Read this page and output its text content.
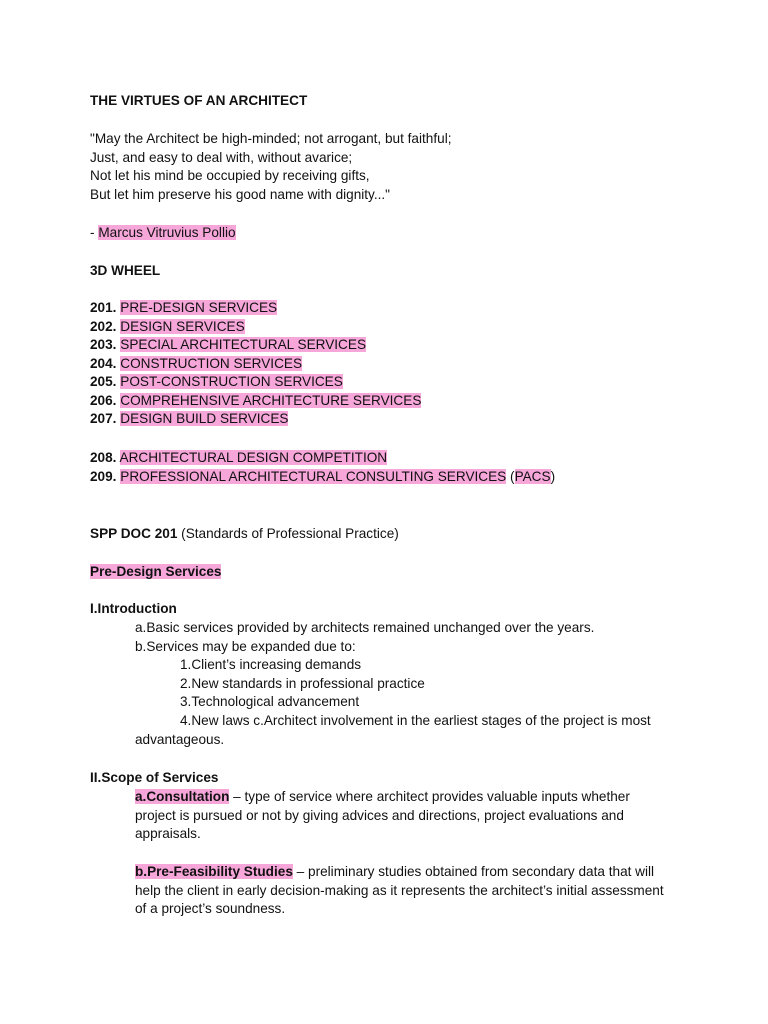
THE VIRTUES OF AN ARCHITECT
"May the Architect be high-minded; not arrogant, but faithful;
Just, and easy to deal with, without avarice;
Not let his mind be occupied by receiving gifts,
But let him preserve his good name with dignity..."
- Marcus Vitruvius Pollio
3D WHEEL
201. PRE-DESIGN SERVICES
202. DESIGN SERVICES
203. SPECIAL ARCHITECTURAL SERVICES
204. CONSTRUCTION SERVICES
205. POST-CONSTRUCTION SERVICES
206. COMPREHENSIVE ARCHITECTURE SERVICES
207. DESIGN BUILD SERVICES
208. ARCHITECTURAL DESIGN COMPETITION
209. PROFESSIONAL ARCHITECTURAL CONSULTING SERVICES (PACS)
SPP DOC 201 (Standards of Professional Practice)
Pre-Design Services
I.Introduction
a.Basic services provided by architects remained unchanged over the years.
b.Services may be expanded due to:
1.Client’s increasing demands
2.New standards in professional practice
3.Technological advancement
4.New laws c.Architect involvement in the earliest stages of the project is most
advantageous.
II.Scope of Services
a.Consultation – type of service where architect provides valuable inputs whether
project is pursued or not by giving advices and directions, project evaluations and
appraisals.
b.Pre-Feasibility Studies – preliminary studies obtained from secondary data that will
help the client in early decision-making as it represents the architect’s initial assessment
of a project’s soundness.
